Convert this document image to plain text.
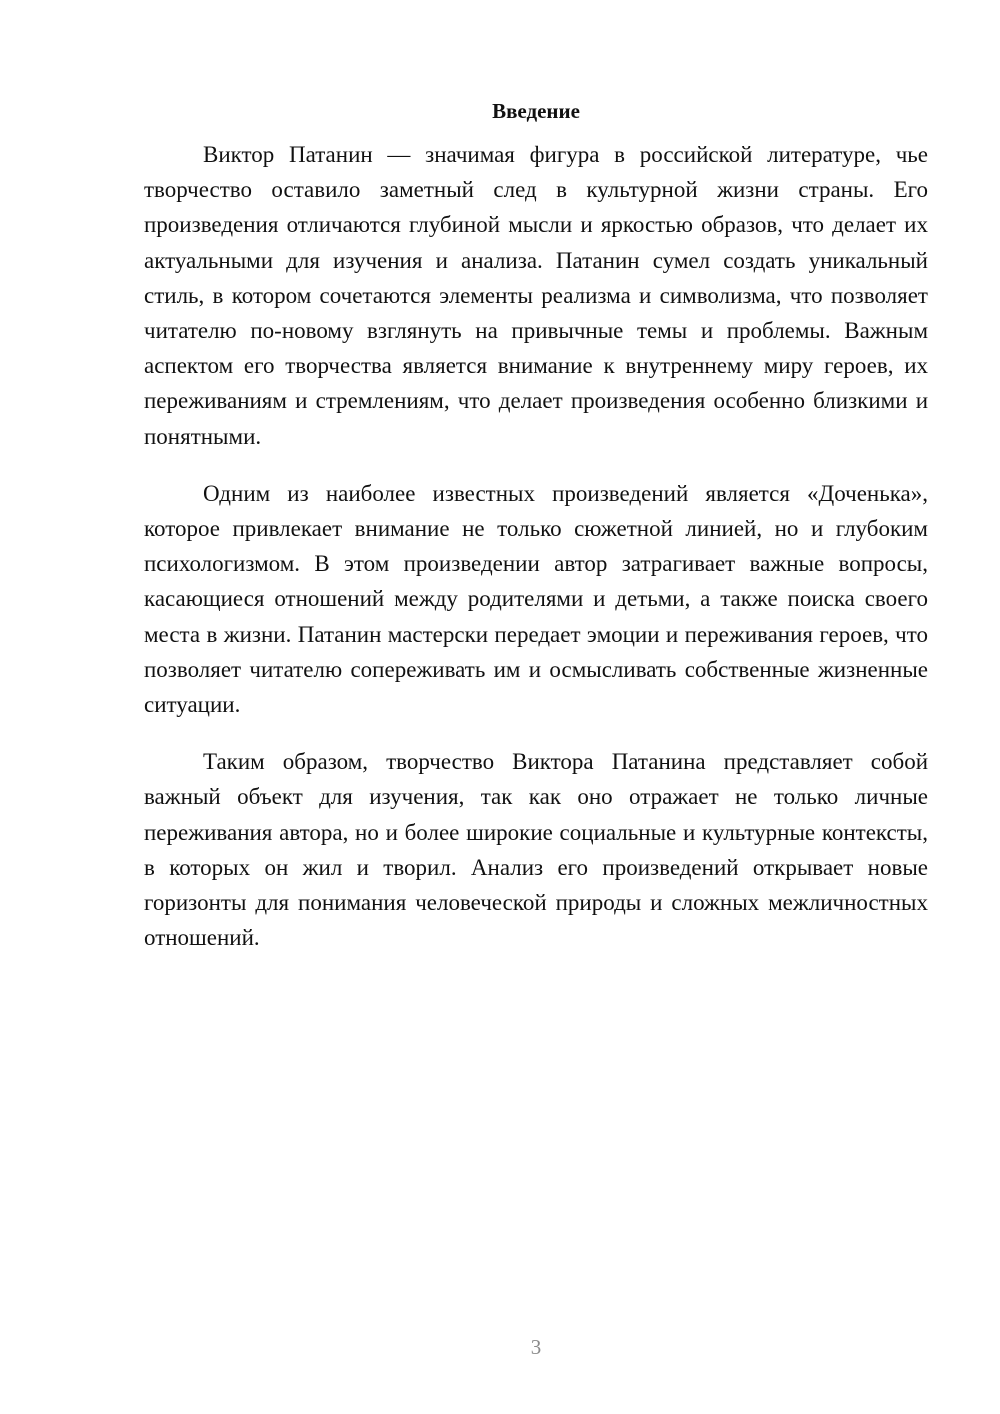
Введение

Виктор Патанин — значимая фигура в российской литературе, чье творчество оставило заметный след в культурной жизни страны. Его произведения отличаются глубиной мысли и яркостью образов, что делает их актуальными для изучения и анализа. Патанин сумел создать уникальный стиль, в котором сочетаются элементы реализма и символизма, что позволяет читателю по-новому взглянуть на привычные темы и проблемы. Важным аспектом его творчества является внимание к внутреннему миру героев, их переживаниям и стремлениям, что делает произведения особенно близкими и понятными.

Одним из наиболее известных произведений является «Доченька», которое привлекает внимание не только сюжетной линией, но и глубоким психологизмом. В этом произведении автор затрагивает важные вопросы, касающиеся отношений между родителями и детьми, а также поиска своего места в жизни. Патанин мастерски передает эмоции и переживания героев, что позволяет читателю сопереживать им и осмысливать собственные жизненные ситуации.

Таким образом, творчество Виктора Патанина представляет собой важный объект для изучения, так как оно отражает не только личные переживания автора, но и более широкие социальные и культурные контексты, в которых он жил и творил. Анализ его произведений открывает новые горизонты для понимания человеческой природы и сложных межличностных отношений.

3
